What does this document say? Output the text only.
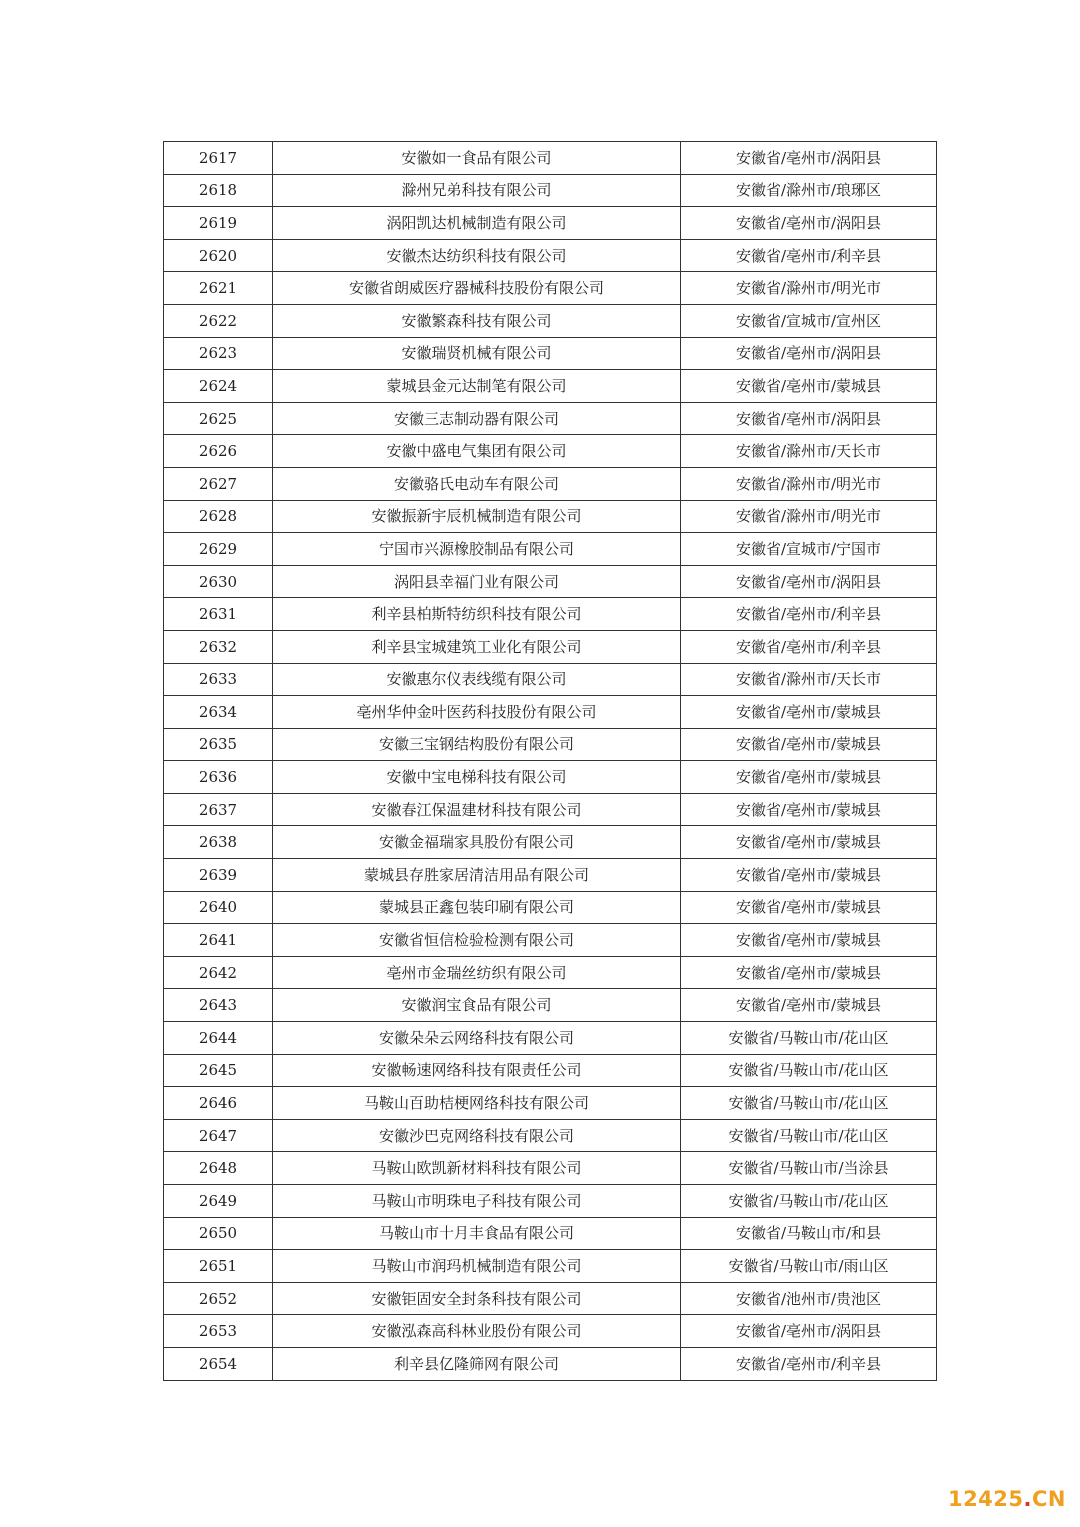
2617	安徽如一食品有限公司	安徽省/亳州市/涡阳县
2618	滁州兄弟科技有限公司	安徽省/滁州市/琅琊区
2619	涡阳凯达机械制造有限公司	安徽省/亳州市/涡阳县
2620	安徽杰达纺织科技有限公司	安徽省/亳州市/利辛县
2621	安徽省朗威医疗器械科技股份有限公司	安徽省/滁州市/明光市
2622	安徽繁森科技有限公司	安徽省/宣城市/宣州区
2623	安徽瑞贤机械有限公司	安徽省/亳州市/涡阳县
2624	蒙城县金元达制笔有限公司	安徽省/亳州市/蒙城县
2625	安徽三志制动器有限公司	安徽省/亳州市/涡阳县
2626	安徽中盛电气集团有限公司	安徽省/滁州市/天长市
2627	安徽骆氏电动车有限公司	安徽省/滁州市/明光市
2628	安徽振新宇辰机械制造有限公司	安徽省/滁州市/明光市
2629	宁国市兴源橡胶制品有限公司	安徽省/宣城市/宁国市
2630	涡阳县幸福门业有限公司	安徽省/亳州市/涡阳县
2631	利辛县柏斯特纺织科技有限公司	安徽省/亳州市/利辛县
2632	利辛县宝城建筑工业化有限公司	安徽省/亳州市/利辛县
2633	安徽惠尔仪表线缆有限公司	安徽省/滁州市/天长市
2634	亳州华仲金叶医药科技股份有限公司	安徽省/亳州市/蒙城县
2635	安徽三宝钢结构股份有限公司	安徽省/亳州市/蒙城县
2636	安徽中宝电梯科技有限公司	安徽省/亳州市/蒙城县
2637	安徽春江保温建材科技有限公司	安徽省/亳州市/蒙城县
2638	安徽金福瑞家具股份有限公司	安徽省/亳州市/蒙城县
2639	蒙城县存胜家居清洁用品有限公司	安徽省/亳州市/蒙城县
2640	蒙城县正鑫包装印刷有限公司	安徽省/亳州市/蒙城县
2641	安徽省恒信检验检测有限公司	安徽省/亳州市/蒙城县
2642	亳州市金瑞丝纺织有限公司	安徽省/亳州市/蒙城县
2643	安徽润宝食品有限公司	安徽省/亳州市/蒙城县
2644	安徽朵朵云网络科技有限公司	安徽省/马鞍山市/花山区
2645	安徽畅速网络科技有限责任公司	安徽省/马鞍山市/花山区
2646	马鞍山百助桔梗网络科技有限公司	安徽省/马鞍山市/花山区
2647	安徽沙巴克网络科技有限公司	安徽省/马鞍山市/花山区
2648	马鞍山欧凯新材料科技有限公司	安徽省/马鞍山市/当涂县
2649	马鞍山市明珠电子科技有限公司	安徽省/马鞍山市/花山区
2650	马鞍山市十月丰食品有限公司	安徽省/马鞍山市/和县
2651	马鞍山市润玛机械制造有限公司	安徽省/马鞍山市/雨山区
2652	安徽钜固安全封条科技有限公司	安徽省/池州市/贵池区
2653	安徽泓森高科林业股份有限公司	安徽省/亳州市/涡阳县
2654	利辛县亿隆筛网有限公司	安徽省/亳州市/利辛县
12425.CN
